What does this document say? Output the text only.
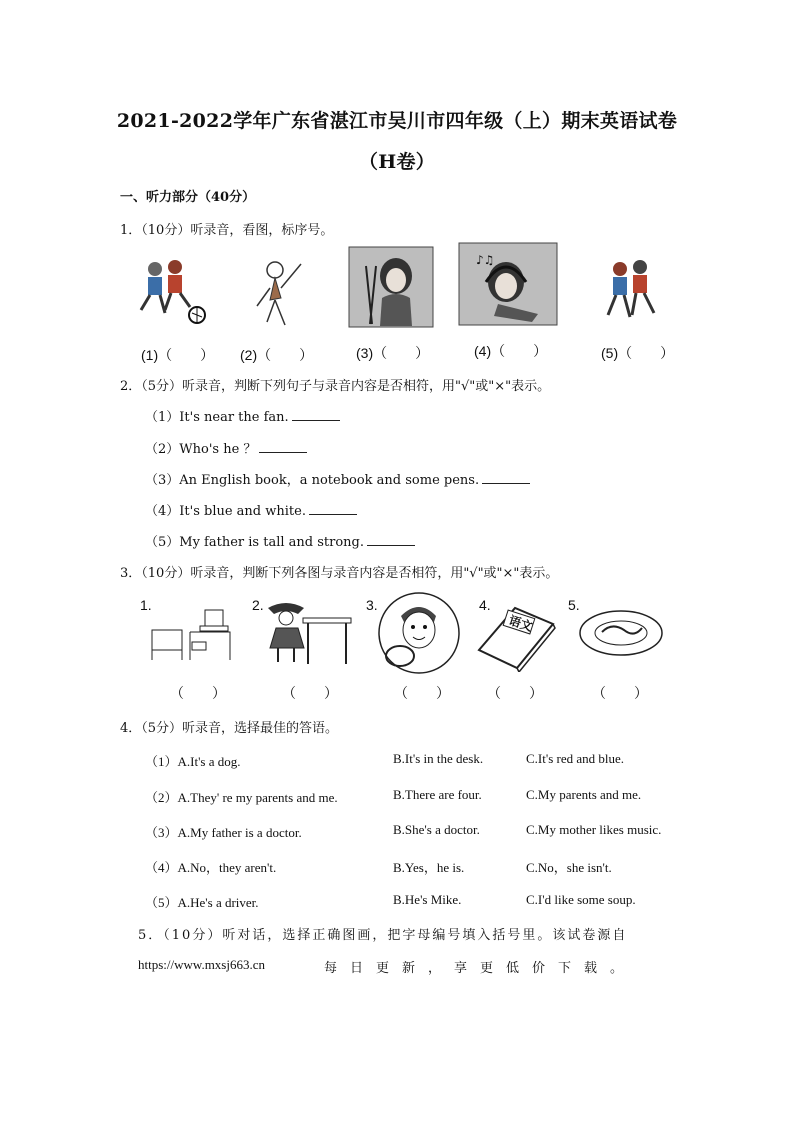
2021-2022学年广东省湛江市吴川市四年级（上）期末英语试卷
（H卷）
一、听力部分（40分）
1．（10分）听录音，看图，标序号。
♪♫
(1)（　　） (2)（　　）	(3)（　　）	(4)（　　）	(5)（　　）
2．（5分）听录音，判断下列句子与录音内容是否相符，用"√"或"×"表示。
（1）It's near the fan.
（2）Who's he ？
（3）An English book，a notebook and some pens.
（4）It's blue and white.
（5）My father is tall and strong.
3．（10分）听录音，判断下列各图与录音内容是否相符，用"√"或"×"表示。
1.	2.	3.	4.
语文
5.
（　　）	（　　）	（　　）	（　　）	（　　）
4．（5分）听录音，选择最佳的答语。
（1）A.It's a dog.	B.It's in the desk.	C.It's red and blue.
（2）A.They' re my parents and me.	B.There are four.	C.My parents and me.
（3）A.My father is a doctor.	B.She's a doctor.	C.My mother likes music.
（4）A.No，they aren't.	B.Yes，he is.	C.No，she isn't.
（5）A.He's a driver.	B.He's Mike.	C.I'd like some soup.
5．（10分）听对话，选择正确图画，把字母编号填入括号里。该试卷源自
https://www.mxsj663.cn	每日更新，享更低价下载。
